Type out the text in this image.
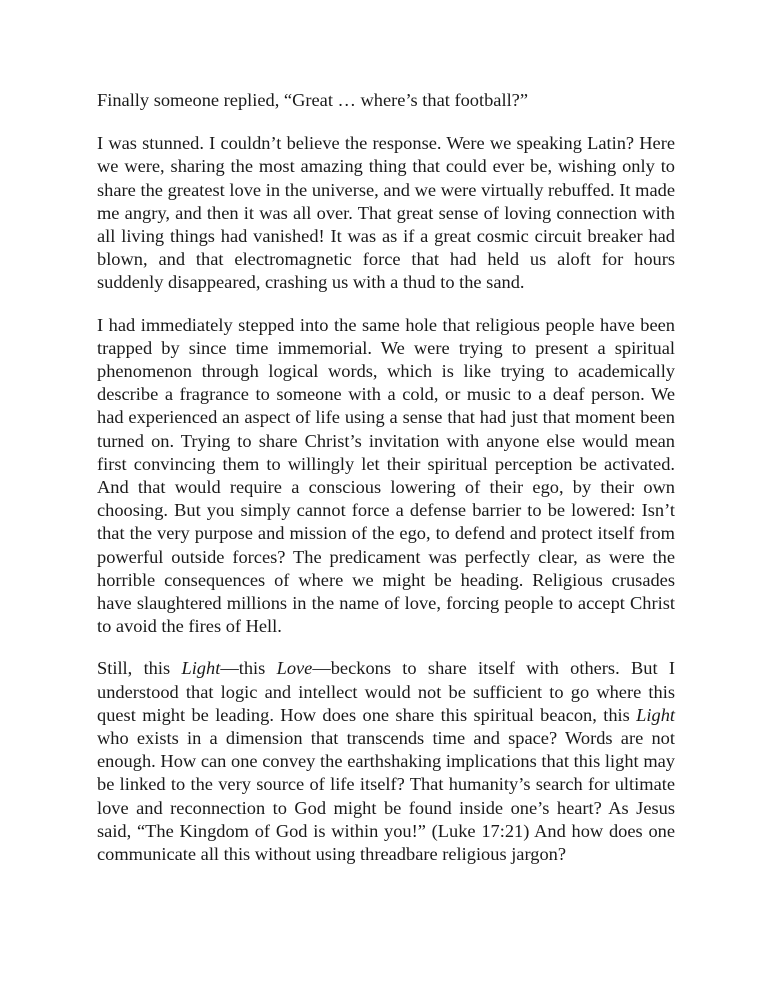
Finally someone replied, “Great … where’s that football?”

I was stunned. I couldn’t believe the response. Were we speaking Latin? Here we were, sharing the most amazing thing that could ever be, wishing only to share the greatest love in the universe, and we were virtually rebuffed. It made me angry, and then it was all over. That great sense of loving connection with all living things had vanished! It was as if a great cosmic circuit breaker had blown, and that electromagnetic force that had held us aloft for hours suddenly disappeared, crashing us with a thud to the sand.

I had immediately stepped into the same hole that religious people have been trapped by since time immemorial. We were trying to present a spiritual phenomenon through logical words, which is like trying to academically describe a fragrance to someone with a cold, or music to a deaf person. We had experienced an aspect of life using a sense that had just that moment been turned on. Trying to share Christ’s invitation with anyone else would mean first convincing them to willingly let their spiritual perception be activated. And that would require a conscious lowering of their ego, by their own choosing. But you simply cannot force a defense barrier to be lowered: Isn’t that the very purpose and mission of the ego, to defend and protect itself from powerful outside forces? The predicament was perfectly clear, as were the horrible consequences of where we might be heading. Religious crusades have slaughtered millions in the name of love, forcing people to accept Christ to avoid the fires of Hell.

Still, this Light—this Love—beckons to share itself with others. But I understood that logic and intellect would not be sufficient to go where this quest might be leading. How does one share this spiritual beacon, this Light who exists in a dimension that transcends time and space? Words are not enough. How can one convey the earthshaking implications that this light may be linked to the very source of life itself? That humanity’s search for ultimate love and reconnection to God might be found inside one’s heart? As Jesus said, “The Kingdom of God is within you!” (Luke 17:21) And how does one communicate all this without using threadbare religious jargon?
